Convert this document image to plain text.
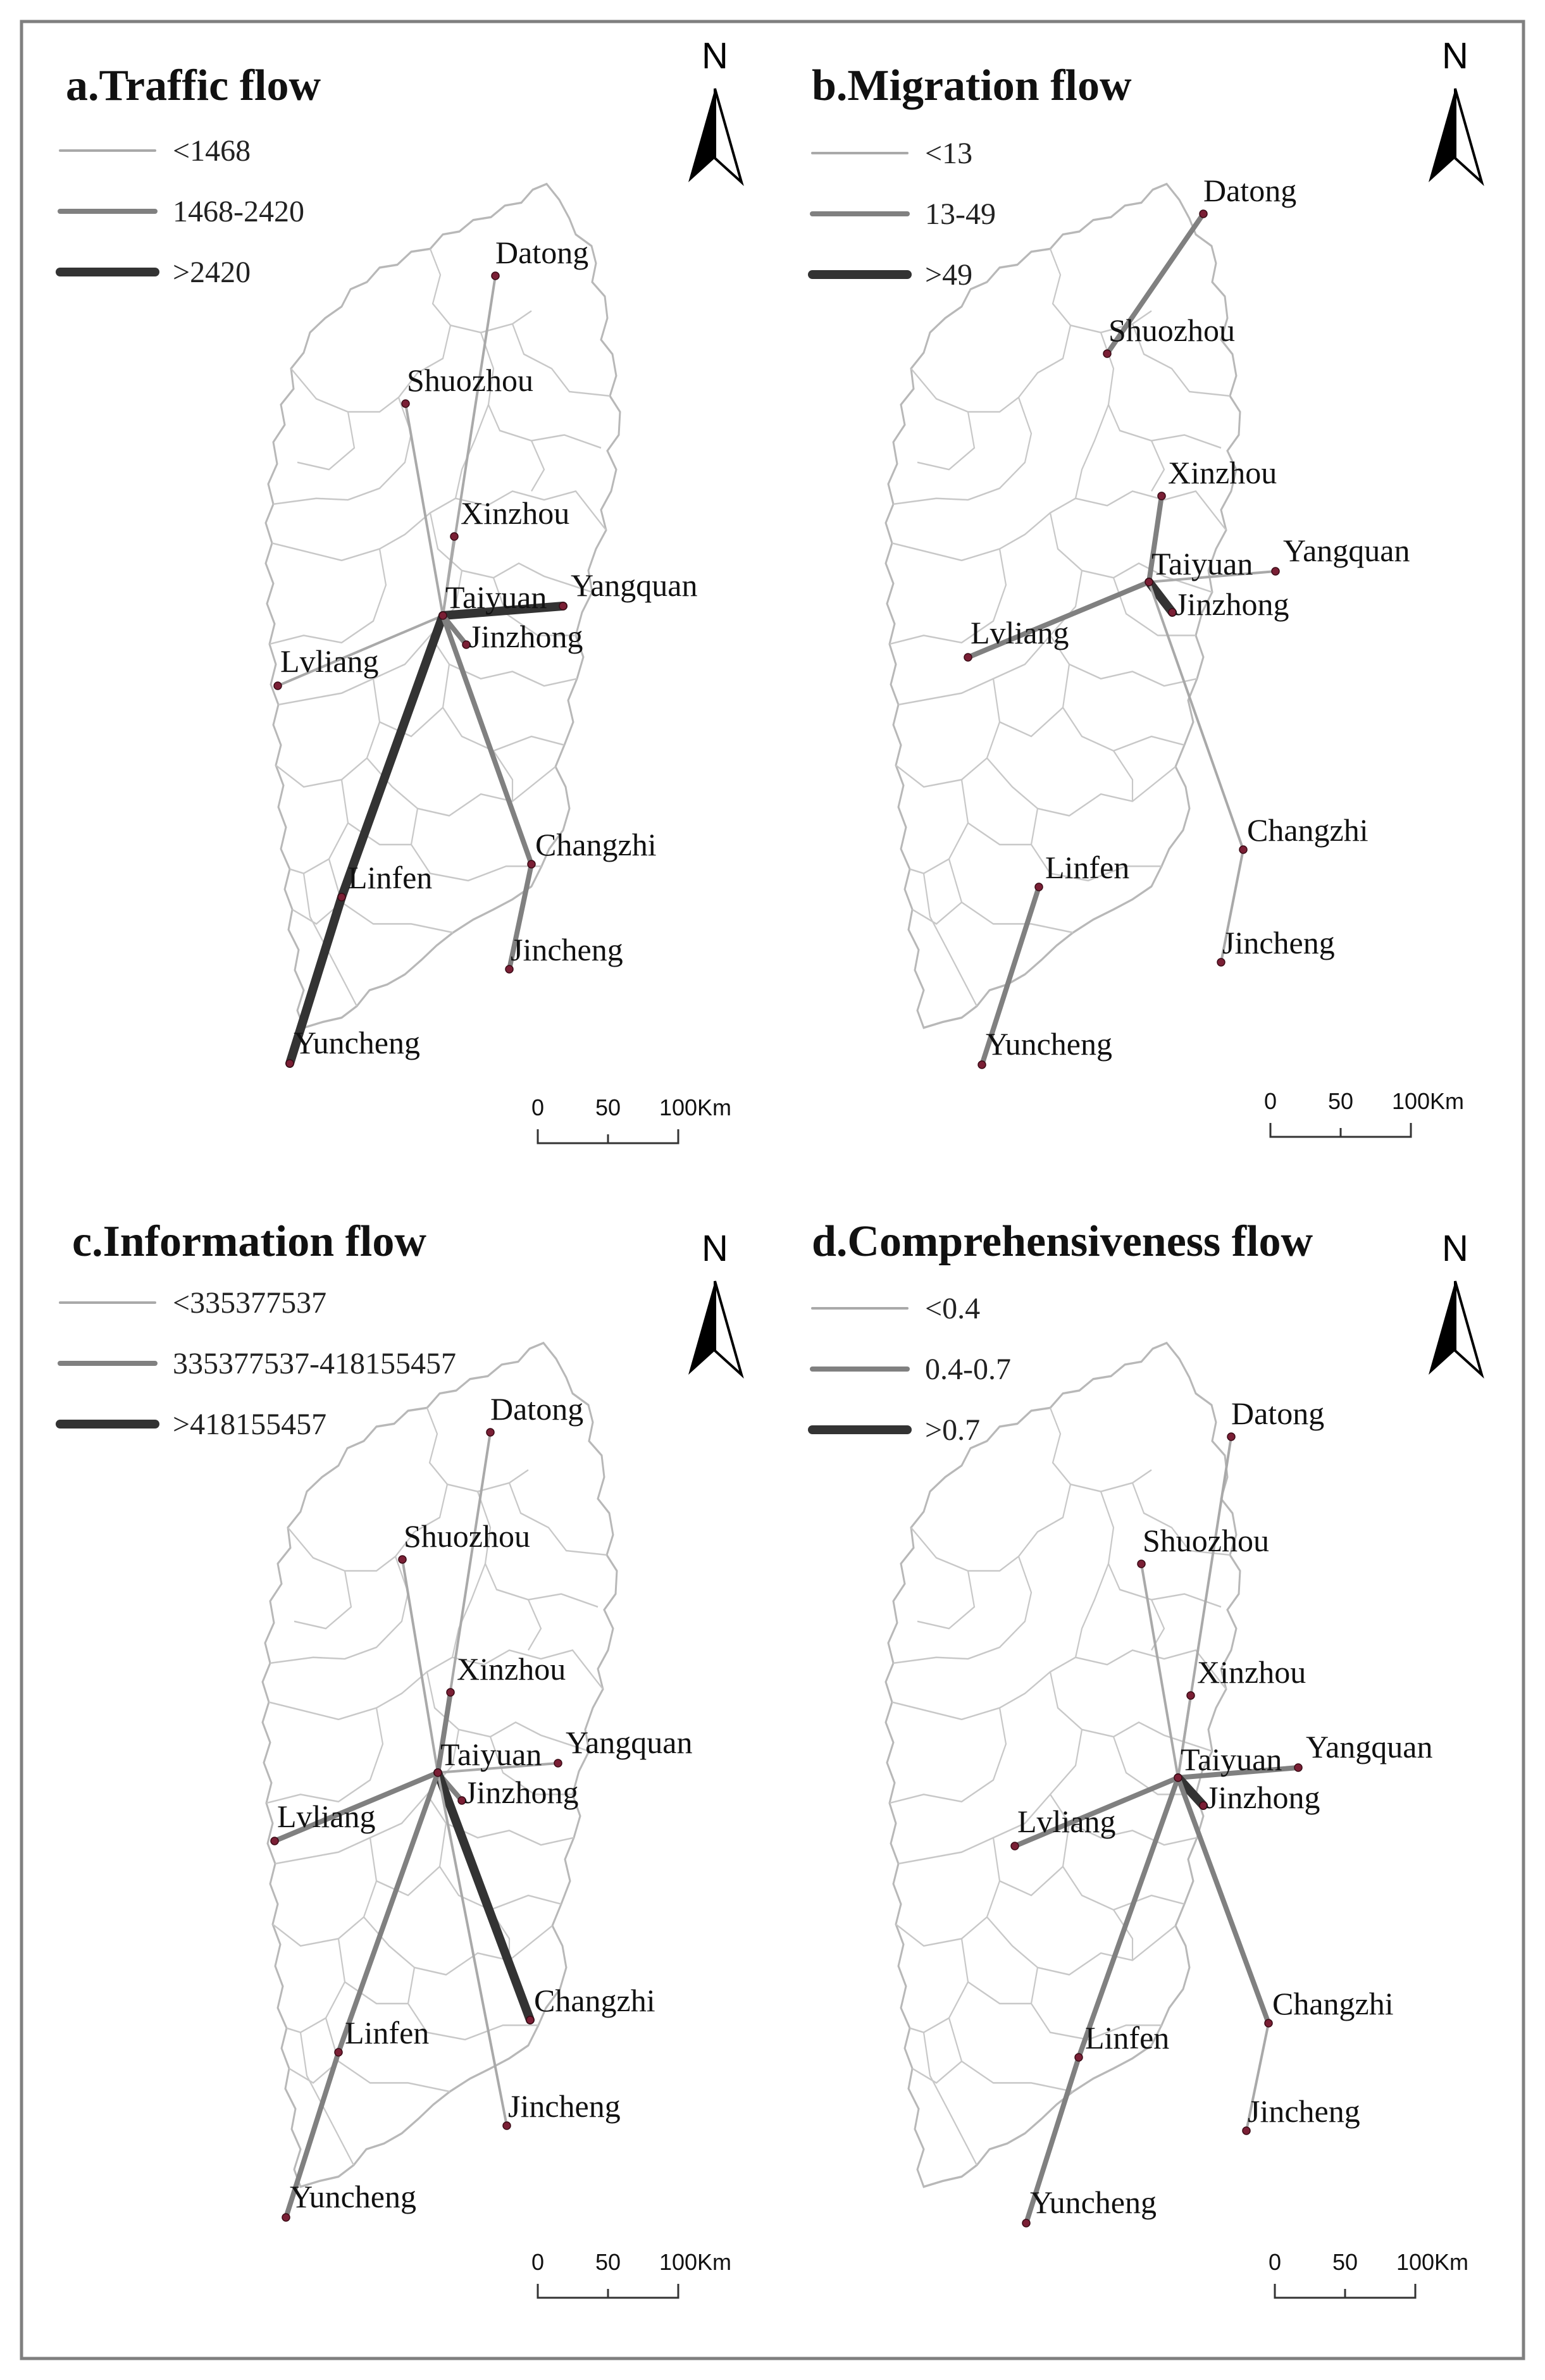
a.Traffic flow
<1468
1468-2420
>2420
N
Datong
Shuozhou
Xinzhou
Taiyuan Yangquan
Jinzhong
Lvliang
Linfen
Changzhi
Jincheng
Yuncheng
0 50 100 Km
b.Migration flow
<13
13-49
>49
N
Datong
Shuozhou
Xinzhou
Taiyuan Yangquan
Jinzhong
Lvliang
Linfen
Changzhi
Jincheng
Yuncheng
0 50 100 Km
c.Information flow
<335377537
335377537-418155457
>418155457
N
Datong
Shuozhou
Xinzhou
Taiyuan Yangquan
Jinzhong
Lvliang
Linfen
Changzhi
Jincheng
Yuncheng
0 50 100 Km
d.Comprehensiveness flow
<0.4
0.4-0.7
>0.7
N
Datong
Shuozhou
Xinzhou
Taiyuan Yangquan
Jinzhong
Lvliang
Linfen
Changzhi
Jincheng
Yuncheng
0 50 100 Km
